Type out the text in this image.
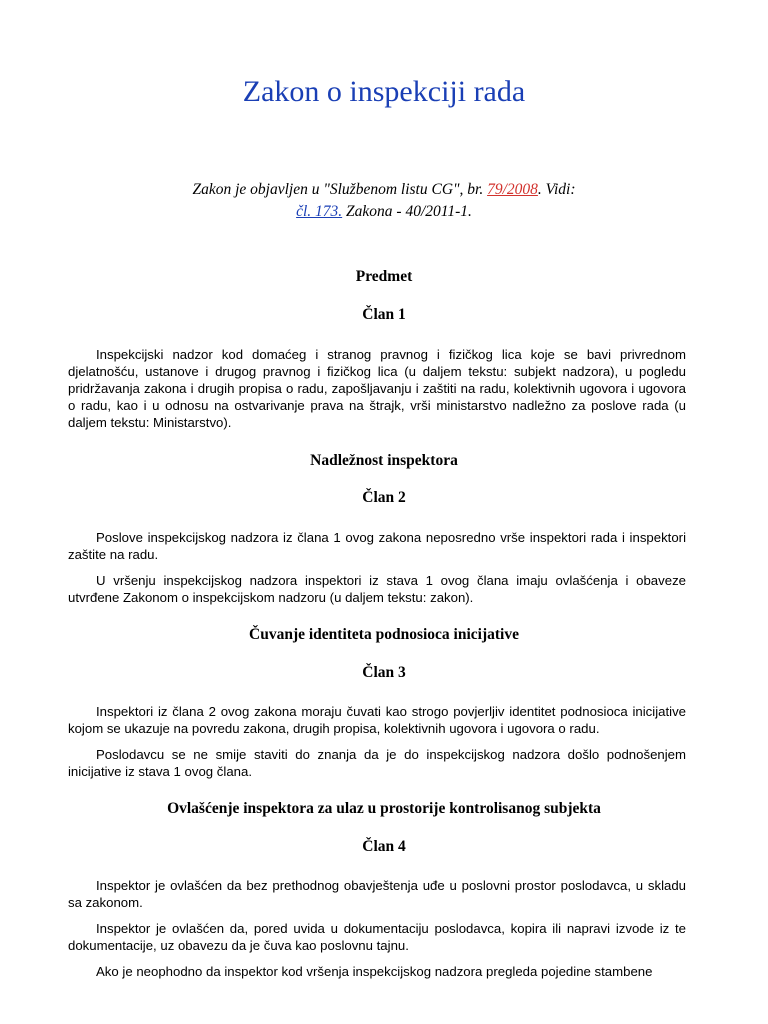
Zakon o inspekciji rada
Zakon je objavljen u "Službenom listu CG", br. 79/2008. Vidi:
čl. 173. Zakona - 40/2011-1.
Predmet
Član 1

Inspekcijski nadzor kod domaćeg i stranog pravnog i fizičkog lica koje se bavi privrednom djelatnošću, ustanove i drugog pravnog i fizičkog lica (u daljem tekstu: subjekt nadzora), u pogledu pridržavanja zakona i drugih propisa o radu, zapošljavanju i zaštiti na radu, kolektivnih ugovora i ugovora o radu, kao i u odnosu na ostvarivanje prava na štrajk, vrši ministarstvo nadležno za poslove rada (u daljem tekstu: Ministarstvo).

Nadležnost inspektora
Član 2

Poslove inspekcijskog nadzora iz člana 1 ovog zakona neposredno vrše inspektori rada i inspektori zaštite na radu.

U vršenju inspekcijskog nadzora inspektori iz stava 1 ovog člana imaju ovlašćenja i obaveze utvrđene Zakonom o inspekcijskom nadzoru (u daljem tekstu: zakon).

Čuvanje identiteta podnosioca inicijative
Član 3

Inspektori iz člana 2 ovog zakona moraju čuvati kao strogo povjerljiv identitet podnosioca inicijative kojom se ukazuje na povredu zakona, drugih propisa, kolektivnih ugovora i ugovora o radu.

Poslodavcu se ne smije staviti do znanja da je do inspekcijskog nadzora došlo podnošenjem inicijative iz stava 1 ovog člana.

Ovlašćenje inspektora za ulaz u prostorije kontrolisanog subjekta
Član 4

Inspektor je ovlašćen da bez prethodnog obavještenja uđe u poslovni prostor poslodavca, u skladu sa zakonom.

Inspektor je ovlašćen da, pored uvida u dokumentaciju poslodavca, kopira ili napravi izvode iz te dokumentacije, uz obavezu da je čuva kao poslovnu tajnu.

Ako je neophodno da inspektor kod vršenja inspekcijskog nadzora pregleda pojedine stambene
